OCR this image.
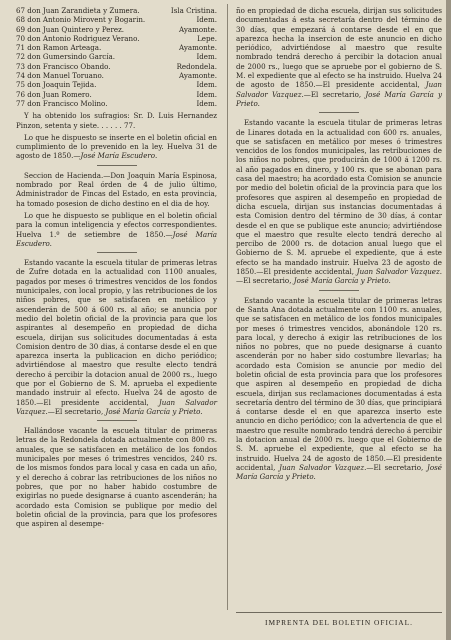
67 don Juan Zarandieta y Zumera.	Isla Cristina.
68 don Antonio Mirovent y Bogarin.	Idem.
69 don Juan Quintero y Perez.	Ayamonte.
70 don Antonio Rodriguez Verano.	Lepe.
71 don Ramon Arteaga.	Ayamonte.
72 don Gumersindo García.	Idem.
73 don Francisco Obando.	Redondela.
74 don Manuel Toruano.	Ayamonte.
75 don Joaquin Tejida.	Idem.
76 don Juan Romero.	Idem.
77 don Francisco Molino.	Idem.

Y ha obtenido los sufragios: Sr. D. Luis Hernandez Pinzon, setenta y siete. . . . . . 77.

Lo que he dispuesto se inserte en el boletin oficial en cumplimiento de lo prevenido en la ley. Huelva 31 de agosto de 1850.—José María Escudero.

Seccion de Hacienda.—Don Joaquin María Espinosa, nombrado por Real órden de 4 de julio último, Administrador de Fincas del Estado, en esta provincia, ha tomado posesion de dicho destino en el dia de hoy.

Lo que he dispuesto se publique en el boletin oficial para la comun inteligencia y efectos correspondientes. Huelva 1.º de setiembre de 1850.—José María Escudero.

Estando vacante la escuela titular de primeras letras de Zufre dotada en la actualidad con 1100 anuales, pagados por meses ó trimestres vencidos de los fondos municipales, con local propio, y las retribuciones de los niños pobres, que se satisfacen en metálico y ascenderán de 500 á 600 rs. al año; se anuncia por medio del boletin oficial de la provincia para que los aspirantes al desempeño en propiedad de dicha escuela, dirijan sus solicitudes documentadas á esta Comision dentro de 30 dias, á contarse desde el en que aparezca inserta la publicacion en dicho periódico; advirtiéndose al maestro que resulte electo tendrá derecho á percibir la dotacion anual de 2000 rs., luego que por el Gobierno de S. M. aprueba el expediente mandado instruir al efecto. Huelva 24 de agosto de 1850.—El presidente accidental, Juan Salvador Vazquez.—El secretario, José María García y Prieto.

Hallándose vacante la escuela titular de primeras letras de la Redondela dotada actualmente con 800 rs. anuales, que se satisfacen en metálico de los fondos municipales por meses ó trimestres vencidos, 240 rs. de los mismos fondos para local y casa en cada un año, y el derecho á cobrar las retribuciones de los niños no pobres, que por no haber habido costumbre de exigirlas no puede designarse á cuanto ascenderán; ha acordado esta Comision se publique por medio del boletin oficial de la provincia, para que los profesores que aspiren al desempe-

ño en propiedad de dicha escuela, dirijan sus solicitudes documentadas á esta secretaría dentro del término de 30 días, que empezará á contarse desde el en que aparezca hecha la insercion de este anuncio en dicho periódico, advirtiéndose al maestro que resulte nombrado tendrá derecho á percibir la dotacion anual de 2000 rs., luego que se apruebe por el gobierno de S. M. el expediente que al efecto se ha instruido. Huelva 24 de agosto de 1850.—El presidente accidental, Juan Salvador Vazquez.—El secretario, José María García y Prieto.

Estando vacante la escuela titular de primeras letras de Linares dotada en la actualidad con 600 rs. anuales, que se satisfacen en metálico por meses ó trimestres vencidos de los fondos municipales, las retribuciones de los niños no pobres, que producirán de 1000 á 1200 rs. al año pagados en dinero, y 100 rs. que se abonan para casa del maestro; ha acordado esta Comision se anuncie por medio del boletin oficial de la provincia para que los profesores que aspiren al desempeño en propiedad de dicha escuela, dirijan sus instancias documentadas á esta Comision dentro del término de 30 días, á contar desde el en que se publique este anuncio; advirtiéndose que el maestro que resulte electo tendrá derecho al percibo de 2000 rs. de dotacion anual luego que el Gobierno de S. M. apruebe el expediente, que á este efecto se ha mandado instruir. Huelva 23 de agosto de 1850.—El presidente accidental, Juan Salvador Vazquez.—El secretario, José María García y Prieto.

Estando vacante la escuela titular de primeras letras de Santa Ana dotada actualmente con 1100 rs. anuales, que se satisfacen en metálico de los fondos municipales por meses ó trimestres vencidos, abonándole 120 rs. para local, y derecho á exigir las retribuciones de los niños no pobres, que no puede designarse á cuanto ascenderán por no haber sido costumbre llevarlas; ha acordado esta Comision se anuncie por medio del boletin oficial de esta provincia para que los profesores que aspiren al desempeño en propiedad de dicha escuela, dirijan sus reclamaciones documentadas á esta secretaría dentro del término de 30 días, que principiará á contarse desde el en que aparezca inserto este anuncio en dicho periódico; con la advertencia de que el maestro que resulte nombrado tendrá derecho á percibir la dotacion anual de 2000 rs. luego que el Gobierno de S. M. apruebe el expediente, que al efecto se ha instruido. Huelva 24 de agosto de 1850.—El presidente accidental, Juan Salvador Vazquez.—El secretario, José María García y Prieto.

IMPRENTA DEL BOLETIN OFICIAL.
